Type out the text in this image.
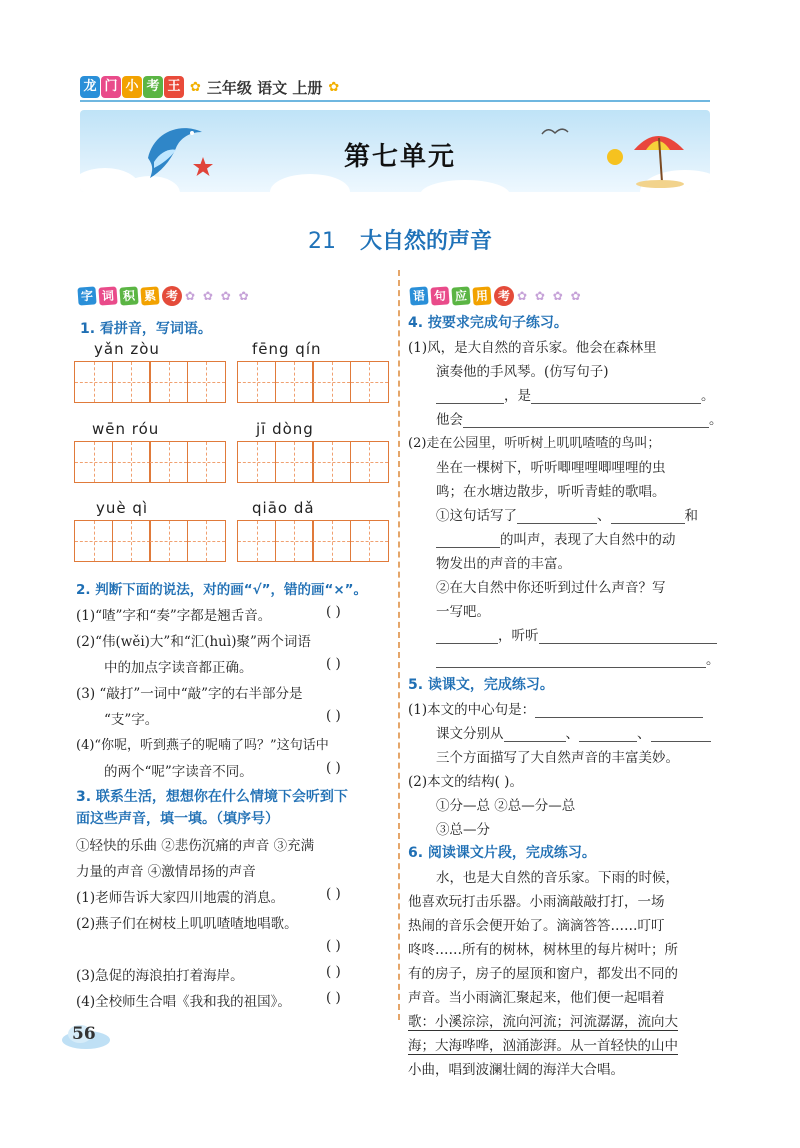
龙 门 小 考 王 ✿ 三年级 语文 上册 ✿
第七单元
21 大自然的声音
字 词 积 累 考 ✿ ✿ ✿ ✿	语 句 应 用 考 ✿ ✿ ✿ ✿
1. 看拼音，写词语。
yǎn zòu	fēng qín
wēn róu	jī dòng
yuè qì	qiāo dǎ
2. 判断下面的说法，对的画“√”，错的画“×”。
(1)“喳”字和“奏”字都是翘舌音。	( )
(2)“伟(wěi)大”和“汇(huì)聚”两个词语
中的加点字读音都正确。	( )
(3) “敲打”一词中“敲”字的右半部分是
“支”字。	( )
(4)“你呢，听到燕子的呢喃了吗？”这句话中
的两个“呢”字读音不同。	( )
3. 联系生活，想想你在什么情境下会听到下
面这些声音，填一填。（填序号）
①轻快的乐曲 ②悲伤沉痛的声音 ③充满
力量的声音 ④激情昂扬的声音
(1)老师告诉大家四川地震的消息。	( )
(2)燕子们在树枝上叽叽喳喳地唱歌。
( )
(3)急促的海浪拍打着海岸。	( )
(4)全校师生合唱《我和我的祖国》。	( )
4. 按要求完成句子练习。
(1)风，是大自然的音乐家。他会在森林里
演奏他的手风琴。(仿写句子)
，是	。
他会	。
(2)走在公园里，听听树上叽叽喳喳的鸟叫；
坐在一棵树下，听听唧哩哩唧哩哩的虫
鸣；在水塘边散步，听听青蛙的歌唱。
①这句话写了	、	和
的叫声，表现了大自然中的动
物发出的声音的丰富。
②在大自然中你还听到过什么声音？写
一写吧。
，听听
。
5. 读课文，完成练习。
(1)本文的中心句是：
课文分别从	、	、
三个方面描写了大自然声音的丰富美妙。
(2)本文的结构( )。
①分—总 ②总—分—总
③总—分
6. 阅读课文片段，完成练习。
水，也是大自然的音乐家。下雨的时候，
他喜欢玩打击乐器。小雨滴敲敲打打，一场
热闹的音乐会便开始了。滴滴答答……叮叮
咚咚……所有的树林，树林里的每片树叶；所
有的房子，房子的屋顶和窗户，都发出不同的
声音。当小雨滴汇聚起来，他们便一起唱着
歌：小溪淙淙，流向河流；河流潺潺，流向大
海；大海哗哗，汹涌澎湃。从一首轻快的山中
小曲，唱到波澜壮阔的海洋大合唱。
56
